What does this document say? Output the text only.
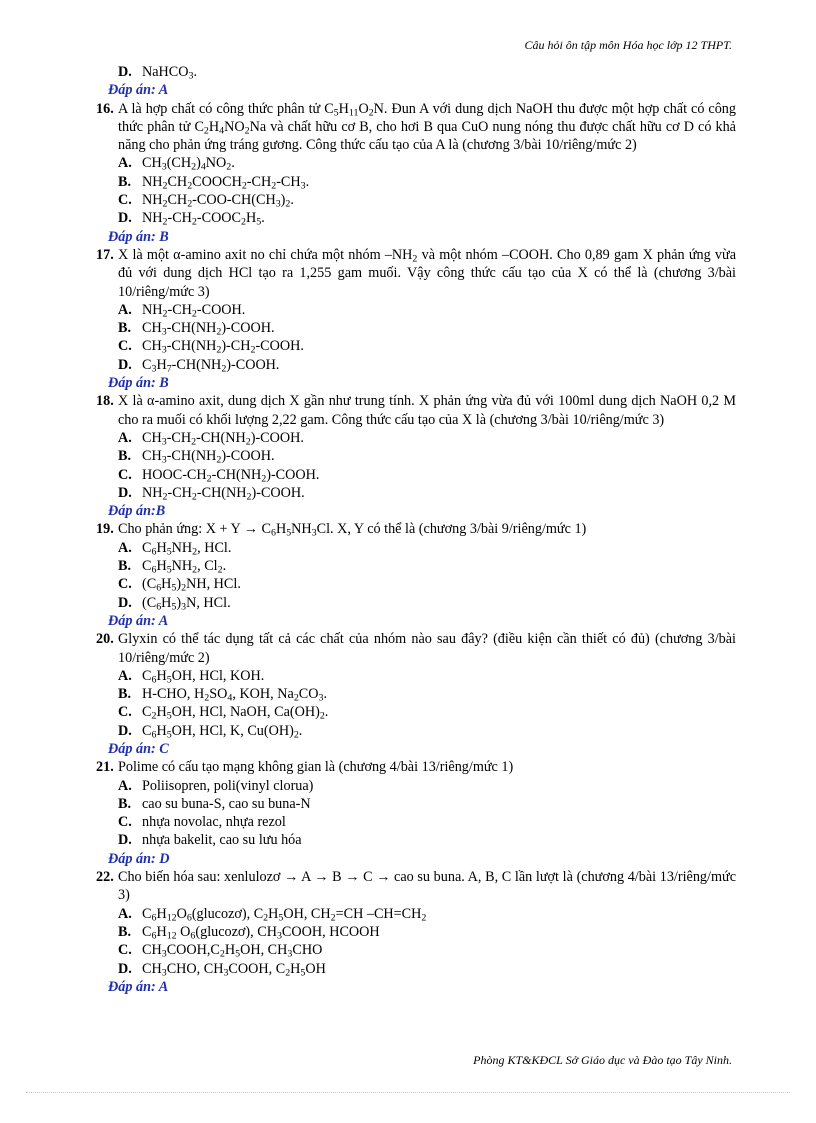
Câu hỏi ôn tập môn Hóa học lớp 12 THPT.
D. NaHCO$_3$.
Đáp án: A
16. A là hợp chất có công thức phân tử $C_5H_{11}O_2N$. Đun A với dung dịch NaOH thu được một hợp chất có công thức phân tử $C_2H_4NO_2Na$ và chất hữu cơ B, cho hơi B qua CuO nung nóng thu được chất hữu cơ D có khả năng cho phản ứng tráng gương. Công thức cấu tạo của A là (chương 3/bài 10/riêng/mức 2)
A. $CH_3(CH_2)_4NO_2$.
B. $NH_2CH_2COOCH_2-CH_2-CH_3$.
C. $NH_2CH_2-COO-CH(CH_3)_2$.
D. $NH_2-CH_2-COOC_2H_5$.
Đáp án: B
17. X là một α-amino axit no chỉ chứa một nhóm $-NH_2$ và một nhóm –COOH. Cho 0,89 gam X phản ứng vừa đủ với dung dịch HCl tạo ra 1,255 gam muối. Vậy công thức cấu tạo của X có thể là (chương 3/bài 10/riêng/mức 3)
A. $NH_2-CH_2$-COOH.
B. $CH_3-CH(NH_2)$-COOH.
C. $CH_3-CH(NH_2)-CH_2$-COOH.
D. $C_3H_7-CH(NH_2)$-COOH.
Đáp án: B
18. X là α-amino axit, dung dịch X gần như trung tính. X phản ứng vừa đủ với 100ml dung dịch NaOH 0,2 M cho ra muối có khối lượng 2,22 gam. Công thức cấu tạo của X là (chương 3/bài 10/riêng/mức 3)
A. $CH_3-CH_2-CH(NH_2)$-COOH.
B. $CH_3-CH(NH_2)$-COOH.
C. HOOC-$CH_2-CH(NH_2)$-COOH.
D. $NH_2-CH_2-CH(NH_2)$-COOH.
Đáp án:B
19. Cho phản ứng: $X + Y \to C_6H_5NH_3Cl$. X, Y có thể là (chương 3/bài 9/riêng/mức 1)
A. $C_6H_5NH_2$, HCl.
B. $C_6H_5NH_2$, $Cl_2$.
C. $(C_6H_5)_2NH$, HCl.
D. $(C_6H_5)_3N$, HCl.
Đáp án: A
20. Glyxin có thể tác dụng tất cả các chất của nhóm nào sau đây? (điều kiện cần thiết có đủ) (chương 3/bài 10/riêng/mức 2)
A. $C_6H_5OH$, HCl, KOH.
B. H-CHO, $H_2SO_4$, KOH, $Na_2CO_3$.
C. $C_2H_5OH$, HCl, NaOH, $Ca(OH)_2$.
D. $C_6H_5OH$, HCl, K, $Cu(OH)_2$.
Đáp án: C
21. Polime có cấu tạo mạng không gian là (chương 4/bài 13/riêng/mức 1)
A. Poliisopren, poli(vinyl clorua)
B. cao su buna-S, cao su buna-N
C. nhựa novolac, nhựa rezol
D. nhựa bakelit, cao su lưu hóa
Đáp án: D
22. Cho biến hóa sau: xenlulozơ → A → B → C → cao su buna. A, B, C lần lượt là (chương 4/bài 13/riêng/mức 3)
A. $C_6H_{12}O_6(glucozơ)$, $C_2H_5OH$, $CH_2=CH$ $-CH=CH_2$
B. $C_6H_{12}$ $O_6(glucozơ)$, $CH_3COOH$, HCOOH
C. $CH_3COOH,C_2H_5OH$, $CH_3CHO$
D. $CH_3CHO$, $CH_3COOH$, $C_2H_5OH$
Đáp án: A
Phòng KT&KĐCL Sở Giáo dục và Đào tạo Tây Ninh.
